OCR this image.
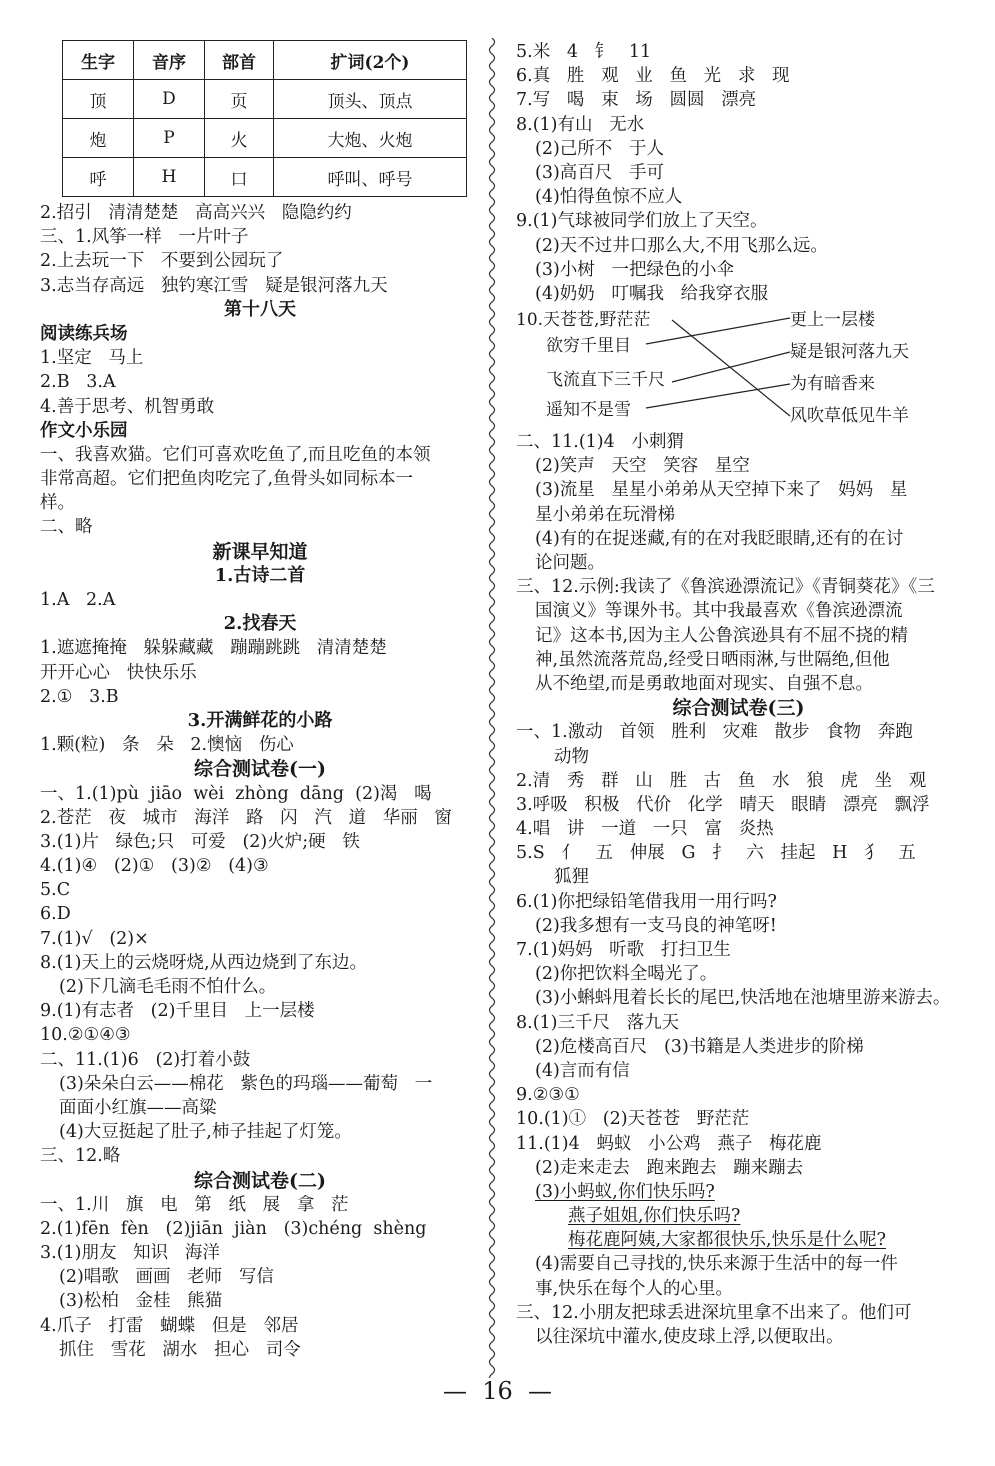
生字	音序	部首	扩词(2个)
顶	D	页	顶头、顶点
炮	P	火	大炮、火炮
呼	H	口	呼叫、呼号
2.招引   清清楚楚   高高兴兴   隐隐约约
三、1.风筝一样   一片叶子
2.上去玩一下   不要到公园玩了
3.志当存高远   独钓寒江雪   疑是银河落九天
第十八天
阅读练兵场
1.坚定   马上
2.B   3.A
4.善于思考、机智勇敢
作文小乐园
一、我喜欢猫。它们可喜欢吃鱼了,而且吃鱼的本领
非常高超。它们把鱼肉吃完了,鱼骨头如同标本一
样。
二、略
新课早知道
1.古诗二首
1.A   2.A
2.找春天
1.遮遮掩掩   躲躲藏藏   蹦蹦跳跳   清清楚楚
开开心心   快快乐乐
2.①   3.B
3.开满鲜花的小路
1.颗(粒)   条   朵   2.懊恼   伤心
综合测试卷(一)
一、1.(1)pù  jiāo  wèi  zhòng  dāng  (2)渴   喝
2.苍茫   夜   城市   海洋   路   闪   汽   道   华丽   窗
3.(1)片   绿色;只   可爱   (2)火炉;硬   铁
4.(1)④   (2)①   (3)②   (4)③
5.C
6.D
7.(1)√   (2)×
8.(1)天上的云烧呀烧,从西边烧到了东边。
(2)下几滴毛毛雨不怕什么。
9.(1)有志者   (2)千里目   上一层楼
10.②①④③
二、11.(1)6   (2)打着小鼓
(3)朵朵白云——棉花   紫色的玛瑙——葡萄   一
面面小红旗——高粱
(4)大豆挺起了肚子,柿子挂起了灯笼。
三、12.略
综合测试卷(二)
一、1.川   旗   电   第   纸   展   拿   茫
2.(1)fēn  fèn   (2)jiān  jiàn   (3)chéng  shèng
3.(1)朋友   知识   海洋
(2)唱歌   画画   老师   写信
(3)松柏   金桂   熊猫
4.爪子   打雷   蝴蝶   但是   邻居
抓住   雪花   湖水   担心   司令
5.米   4   钅   11
6.真   胜   观   业   鱼   光   求   现
7.写   喝   束   场   圆圆   漂亮
8.(1)有山   无水
(2)己所不   于人
(3)高百尺   手可
(4)怕得鱼惊不应人
9.(1)气球被同学们放上了天空。
(2)天不过井口那么大,不用飞那么远。
(3)小树   一把绿色的小伞
(4)奶奶   叮嘱我   给我穿衣服
10.天苍苍,野茫茫
欲穷千里目
飞流直下三千尺
遥知不是雪
更上一层楼
疑是银河落九天
为有暗香来
风吹草低见牛羊
二、11.(1)4   小刺猬
(2)笑声   天空   笑容   星空
(3)流星   星星小弟弟从天空掉下来了   妈妈   星
星小弟弟在玩滑梯
(4)有的在捉迷藏,有的在对我眨眼睛,还有的在讨
论问题。
三、12.示例:我读了《鲁滨逊漂流记》《青铜葵花》《三
国演义》等课外书。其中我最喜欢《鲁滨逊漂流
记》这本书,因为主人公鲁滨逊具有不屈不挠的精
神,虽然流落荒岛,经受日晒雨淋,与世隔绝,但他
从不绝望,而是勇敢地面对现实、自强不息。
综合测试卷(三)
一、1.激动   首领   胜利   灾难   散步   食物   奔跑
动物
2.清   秀   群   山   胜   古   鱼   水   狼   虎   坐   观
3.呼吸   积极   代价   化学   晴天   眼睛   漂亮   飘浮
4.唱   讲   一道   一只   富   炎热
5.S   亻   五   伸展   G   扌   六   挂起   H   犭   五
狐狸
6.(1)你把绿铅笔借我用一用行吗?
(2)我多想有一支马良的神笔呀!
7.(1)妈妈   听歌   打扫卫生
(2)你把饮料全喝光了。
(3)小蝌蚪甩着长长的尾巴,快活地在池塘里游来游去。
8.(1)三千尺   落九天
(2)危楼高百尺   (3)书籍是人类进步的阶梯
(4)言而有信
9.②③①
10.(1)①   (2)天苍苍   野茫茫
11.(1)4   蚂蚁   小公鸡   燕子   梅花鹿
(2)走来走去   跑来跑去   蹦来蹦去
(3)小蚂蚁,你们快乐吗?
燕子姐姐,你们快乐吗?
梅花鹿阿姨,大家都很快乐,快乐是什么呢?
(4)需要自己寻找的,快乐来源于生活中的每一件
事,快乐在每个人的心里。
三、12.小朋友把球丢进深坑里拿不出来了。他们可
以往深坑中灌水,使皮球上浮,以便取出。
—  16  —
